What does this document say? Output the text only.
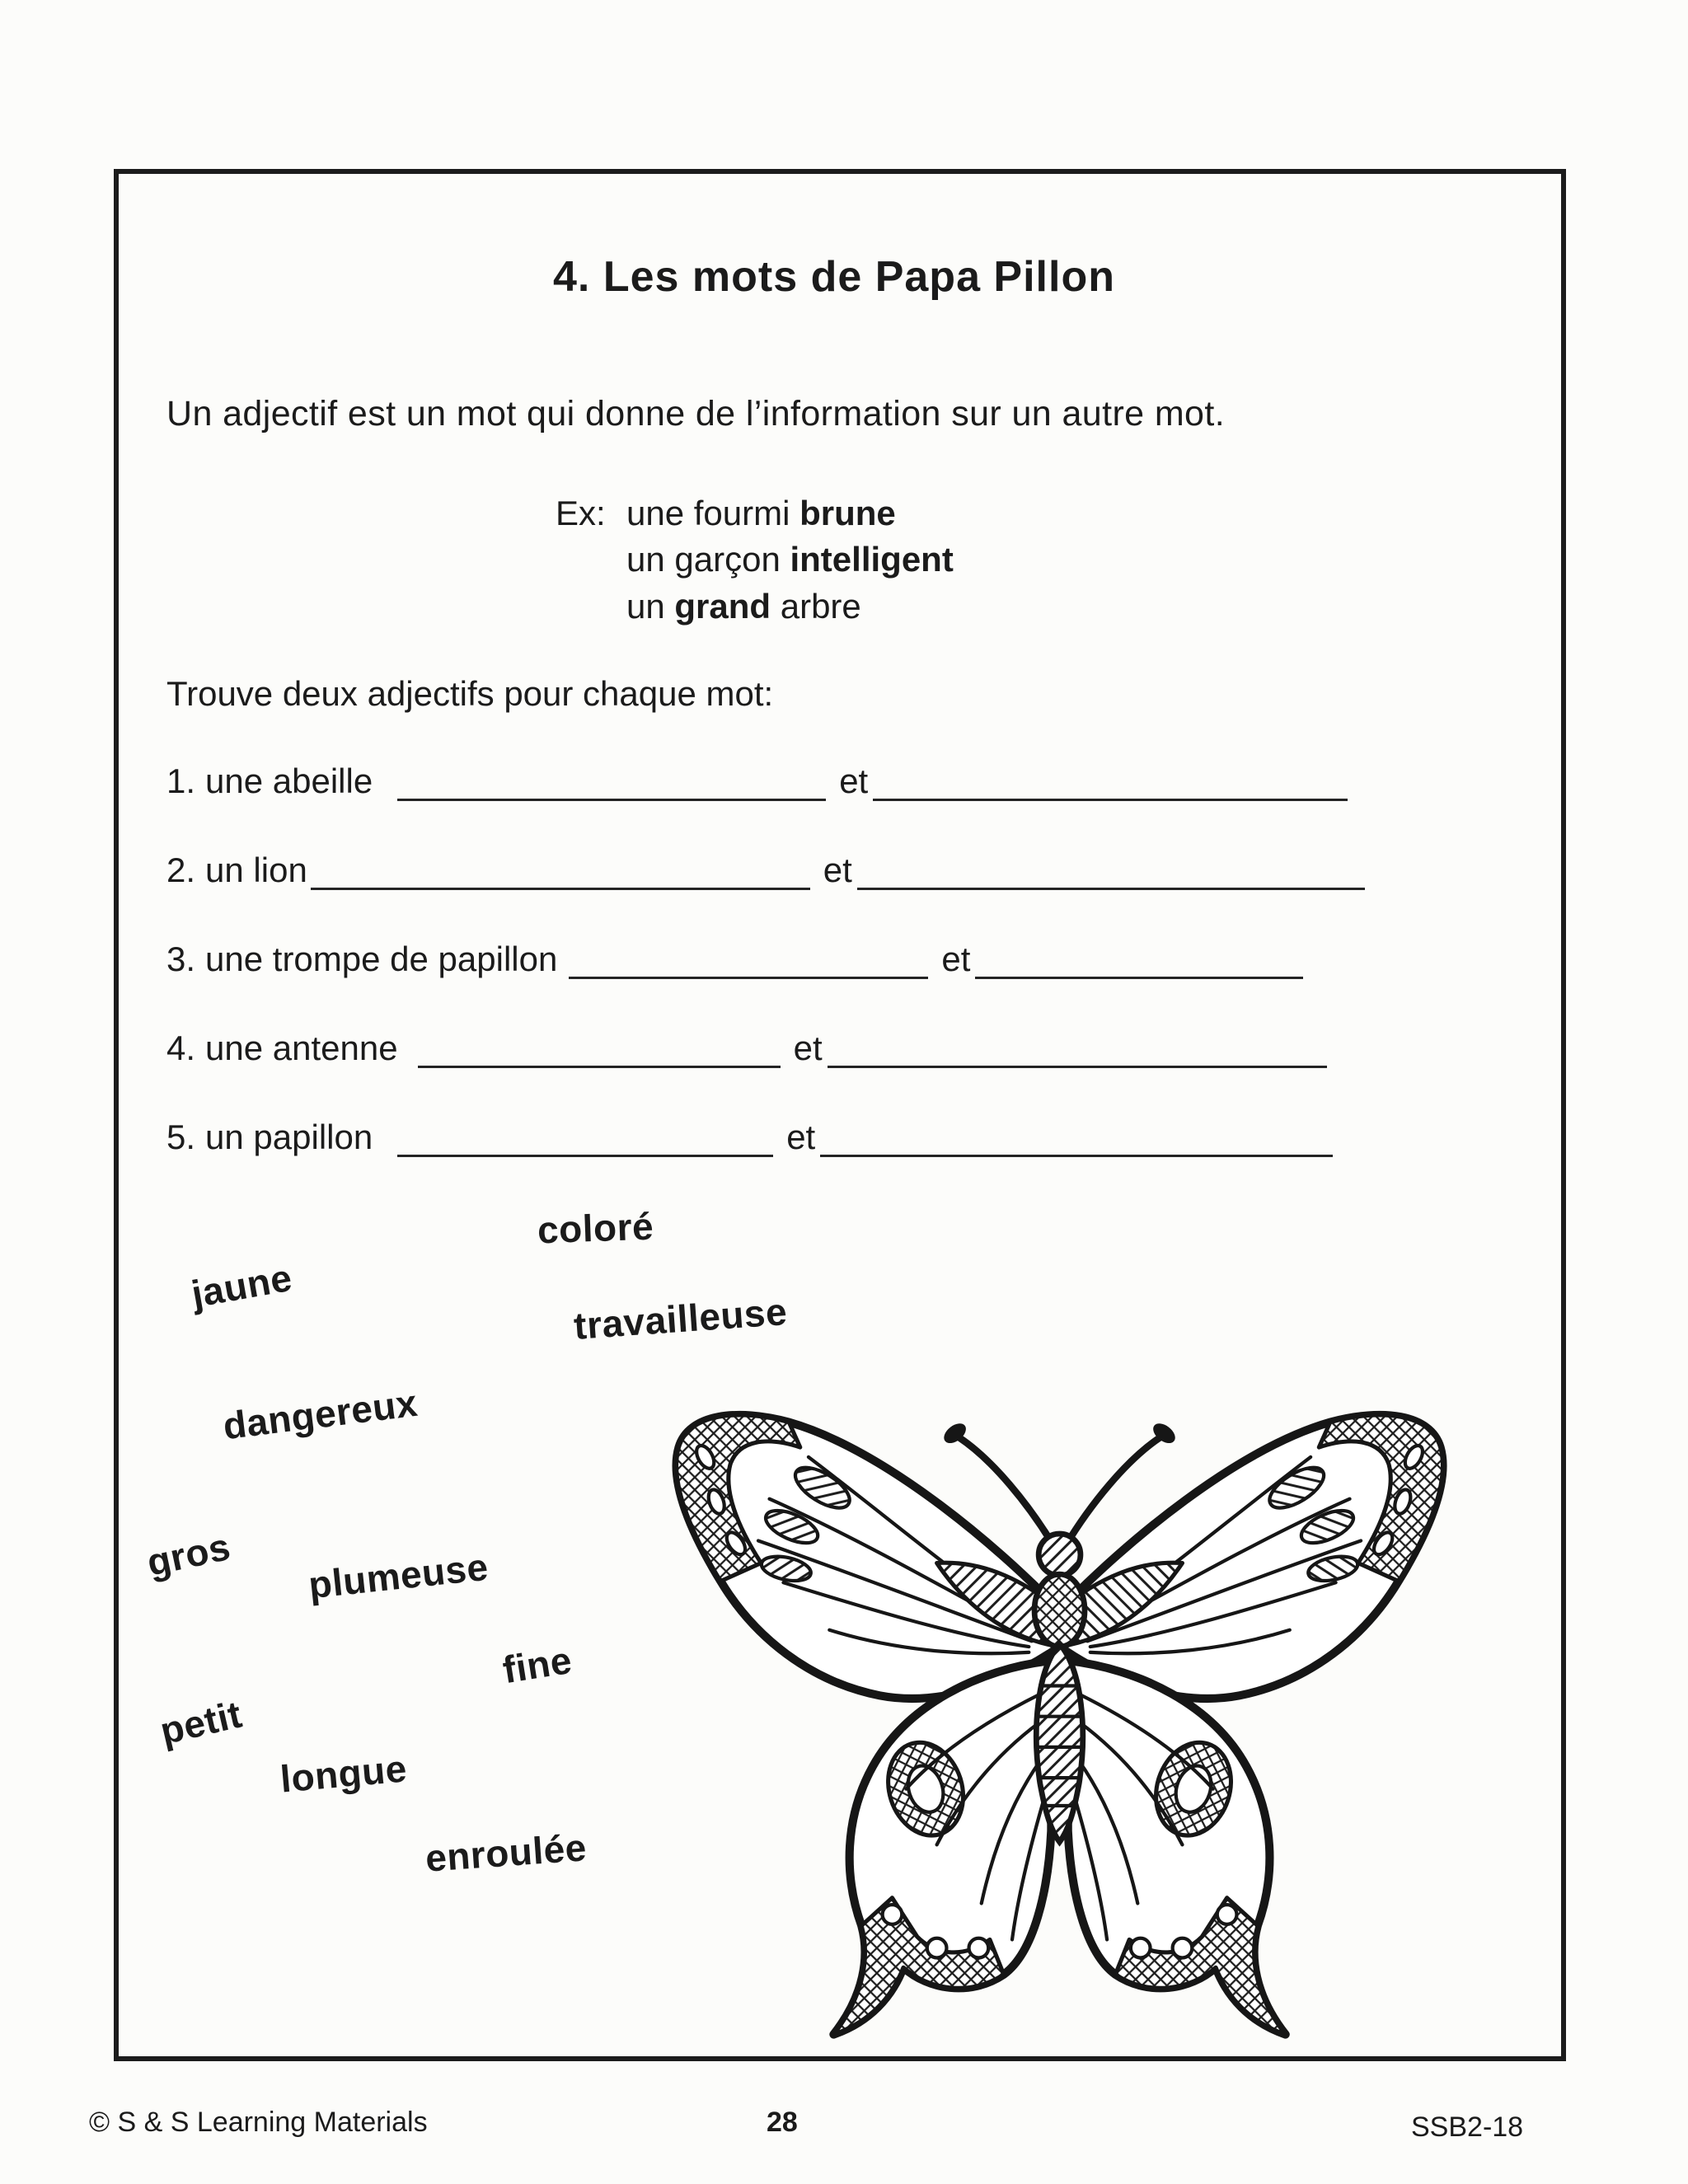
4. Les mots de Papa Pillon

Un adjectif est un mot qui donne de l’information sur un autre mot.

Ex: une fourmi brune
un garçon intelligent
un grand arbre

Trouve deux adjectifs pour chaque mot:

1. une abeille	et
2. un lion	et
3. une trompe de papillon	et
4. une antenne	et
5. un papillon	et
coloré
jaune
travailleuse
dangereux
gros plumeuse
fine
petit
longue
enroulée
© S & S Learning Materials	28	SSB2-18
